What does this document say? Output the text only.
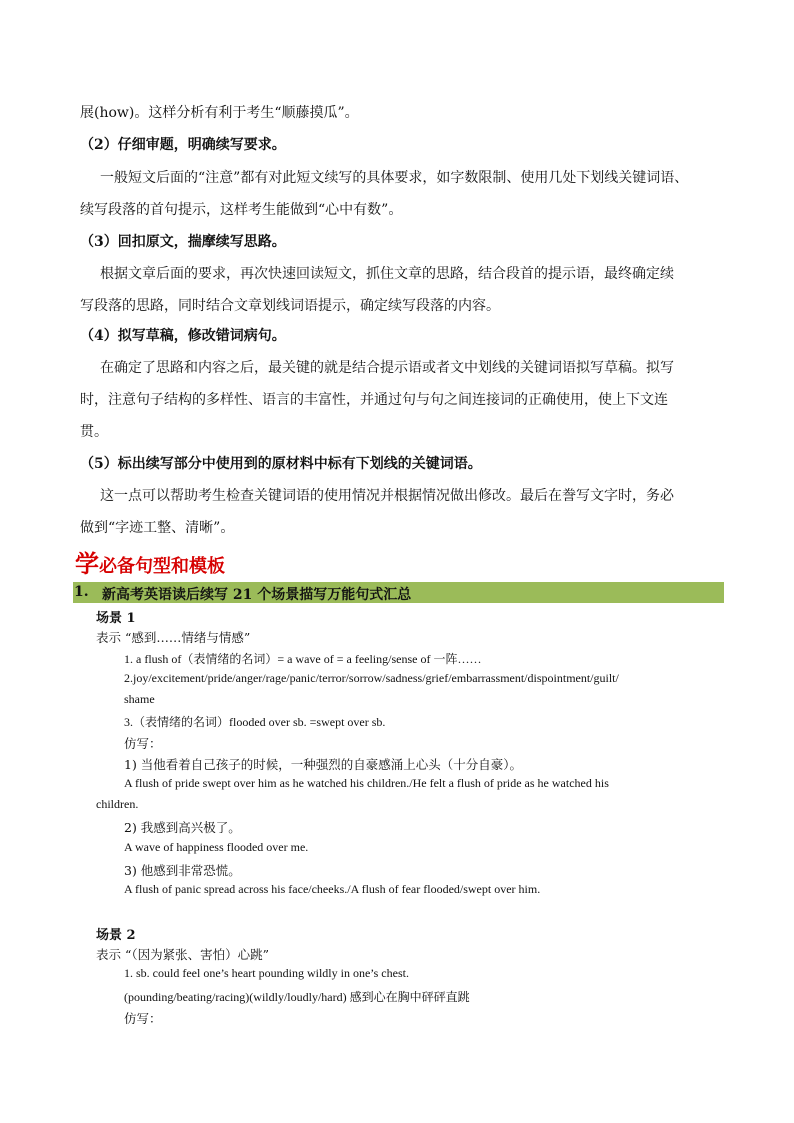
展(how)。这样分析有利于考生“顺藤摸瓜”。
（2）仔细审题，明确续写要求。
一般短文后面的“注意”都有对此短文续写的具体要求，如字数限制、使用几处下划线关键词语、
续写段落的首句提示，这样考生能做到“心中有数”。
（3）回扣原文，揣摩续写思路。
根据文章后面的要求，再次快速回读短文，抓住文章的思路，结合段首的提示语，最终确定续
写段落的思路，同时结合文章划线词语提示，确定续写段落的内容。
（4）拟写草稿，修改错词病句。
在确定了思路和内容之后，最关键的就是结合提示语或者文中划线的关键词语拟写草稿。拟写
时，注意句子结构的多样性、语言的丰富性，并通过句与句之间连接词的正确使用，使上下文连
贯。
（5）标出续写部分中使用到的原材料中标有下划线的关键词语。
这一点可以帮助考生检查关键词语的使用情况并根据情况做出修改。最后在誊写文字时，务必
做到“字迹工整、清晰”。
学必备句型和模板
1. 新高考英语读后续写 21 个场景描写万能句式汇总
场景 1
表示 “感到……情绪与情感”
1. a flush of（表情绪的名词）= a wave of = a feeling/sense of 一阵……
2.joy/excitement/pride/anger/rage/panic/terror/sorrow/sadness/grief/embarrassment/dispointment/guilt/
shame
3.（表情绪的名词）flooded over sb. =swept over sb.
仿写：
1) 当他看着自己孩子的时候，一种强烈的自豪感涌上心头（十分自豪）。
A flush of pride swept over him as he watched his children./He felt a flush of pride as he watched his
children.
2) 我感到高兴极了。
A wave of happiness flooded over me.
3) 他感到非常恐慌。
A flush of panic spread across his face/cheeks./A flush of fear flooded/swept over him.
场景 2
表示 “（因为紧张、害怕）心跳”
1. sb. could feel one’s heart pounding wildly in one’s chest.
(pounding/beating/racing)(wildly/loudly/hard) 感到心在胸中砰砰直跳
仿写：
